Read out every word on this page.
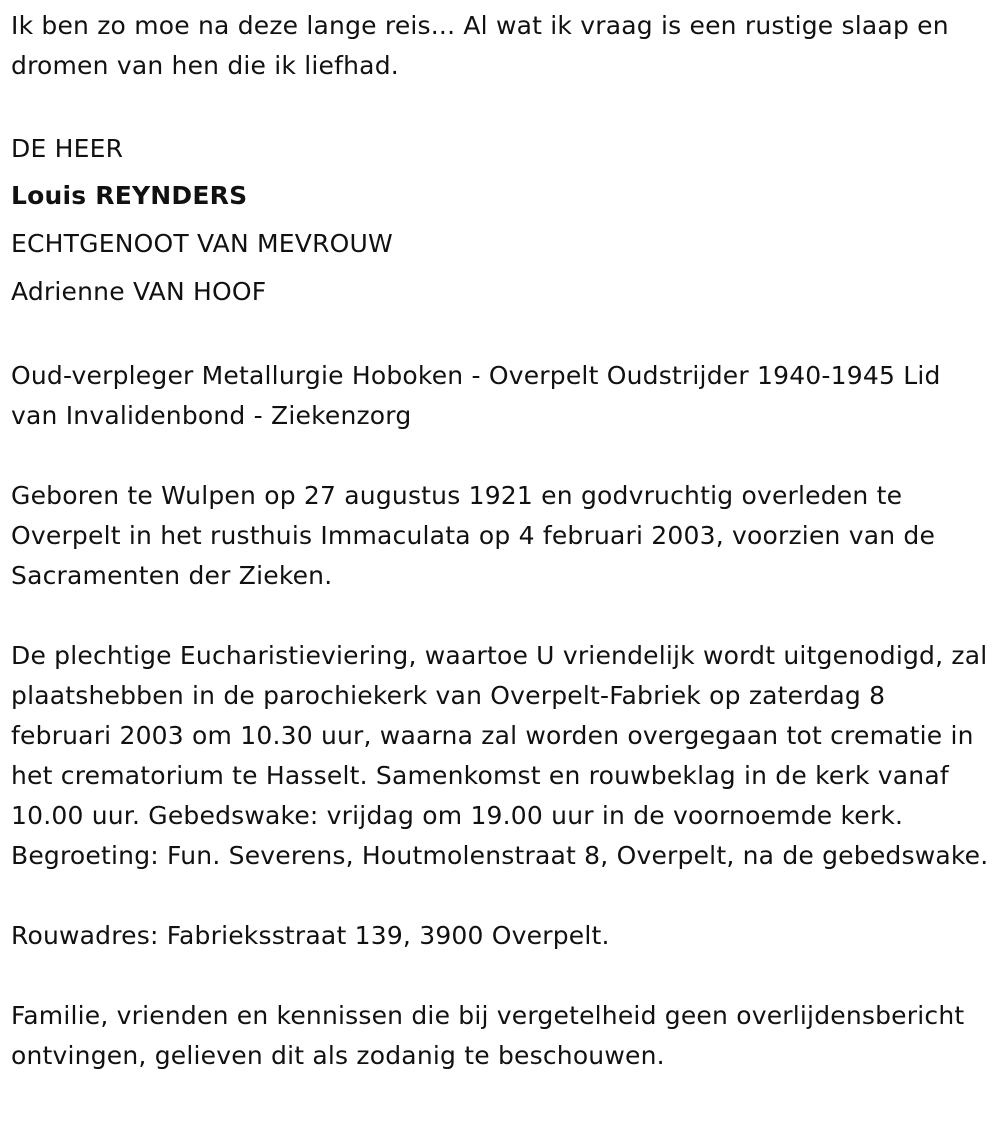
Ik ben zo moe na deze lange reis... Al wat ik vraag is een rustige slaap en dromen van hen die ik liefhad.
DE HEER
Louis REYNDERS
ECHTGENOOT VAN MEVROUW
Adrienne VAN HOOF
Oud-verpleger Metallurgie Hoboken - Overpelt Oudstrijder 1940-1945 Lid van Invalidenbond - Ziekenzorg
Geboren te Wulpen op 27 augustus 1921 en godvruchtig overleden te Overpelt in het rusthuis Immaculata op 4 februari 2003, voorzien van de Sacramenten der Zieken.
De plechtige Eucharistieviering, waartoe U vriendelijk wordt uitgenodigd, zal plaatshebben in de parochiekerk van Overpelt-Fabriek op zaterdag 8 februari 2003 om 10.30 uur, waarna zal worden overgegaan tot crematie in het crematorium te Hasselt. Samenkomst en rouwbeklag in de kerk vanaf 10.00 uur. Gebedswake: vrijdag om 19.00 uur in de voornoemde kerk. Begroeting: Fun. Severens, Houtmolenstraat 8, Overpelt, na de gebedswake.
Rouwadres: Fabrieksstraat 139, 3900 Overpelt.
Familie, vrienden en kennissen die bij vergetelheid geen overlijdensbericht ontvingen, gelieven dit als zodanig te beschouwen.
